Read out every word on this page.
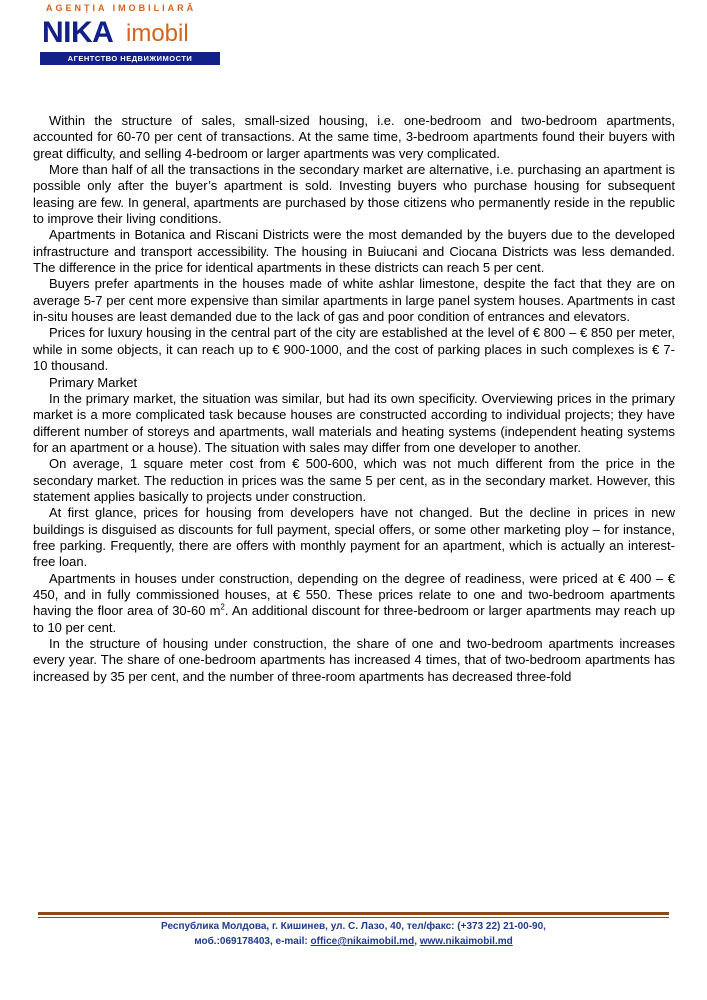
AGENȚIA IMOBILIARĂ
NIKA imobil
АГЕНТСТВО НЕДВИЖИМОСТИ

Within the structure of sales, small-sized housing, i.e. one-bedroom and two-bedroom apartments, accounted for 60-70 per cent of transactions. At the same time, 3-bedroom apartments found their buyers with great difficulty, and selling 4-bedroom or larger apartments was very complicated.

More than half of all the transactions in the secondary market are alternative, i.e. purchasing an apartment is possible only after the buyer’s apartment is sold. Investing buyers who purchase housing for subsequent leasing are few. In general, apartments are purchased by those citizens who permanently reside in the republic to improve their living conditions.

Apartments in Botanica and Riscani Districts were the most demanded by the buyers due to the developed infrastructure and transport accessibility. The housing in Buiucani and Ciocana Districts was less demanded. The difference in the price for identical apartments in these districts can reach 5 per cent.

Buyers prefer apartments in the houses made of white ashlar limestone, despite the fact that they are on average 5-7 per cent more expensive than similar apartments in large panel system houses. Apartments in cast in-situ houses are least demanded due to the lack of gas and poor condition of entrances and elevators.

Prices for luxury housing in the central part of the city are established at the level of € 800 – € 850 per meter, while in some objects, it can reach up to € 900-1000, and the cost of parking places in such complexes is € 7-10 thousand.

Primary Market

In the primary market, the situation was similar, but had its own specificity. Overviewing prices in the primary market is a more complicated task because houses are constructed according to individual projects; they have different number of storeys and apartments, wall materials and heating systems (independent heating systems for an apartment or a house). The situation with sales may differ from one developer to another.

On average, 1 square meter cost from € 500-600, which was not much different from the price in the secondary market. The reduction in prices was the same 5 per cent, as in the secondary market. However, this statement applies basically to projects under construction.

At first glance, prices for housing from developers have not changed. But the decline in prices in new buildings is disguised as discounts for full payment, special offers, or some other marketing ploy – for instance, free parking. Frequently, there are offers with monthly payment for an apartment, which is actually an interest-free loan.

Apartments in houses under construction, depending on the degree of readiness, were priced at € 400 – € 450, and in fully commissioned houses, at € 550. These prices relate to one and two-bedroom apartments having the floor area of 30-60 $m^2$. An additional discount for three-bedroom or larger apartments may reach up to 10 per cent.

In the structure of housing under construction, the share of one and two-bedroom apartments increases every year. The share of one-bedroom apartments has increased 4 times, that of two-bedroom apartments has increased by 35 per cent, and the number of three-room apartments has decreased three-fold

Республика Молдова, г. Кишинев, ул. С. Лазо, 40, тел/факс: (+373 22) 21-00-90,
моб.:069178403, e-mail: office@nikaimobil.md, www.nikaimobil.md
